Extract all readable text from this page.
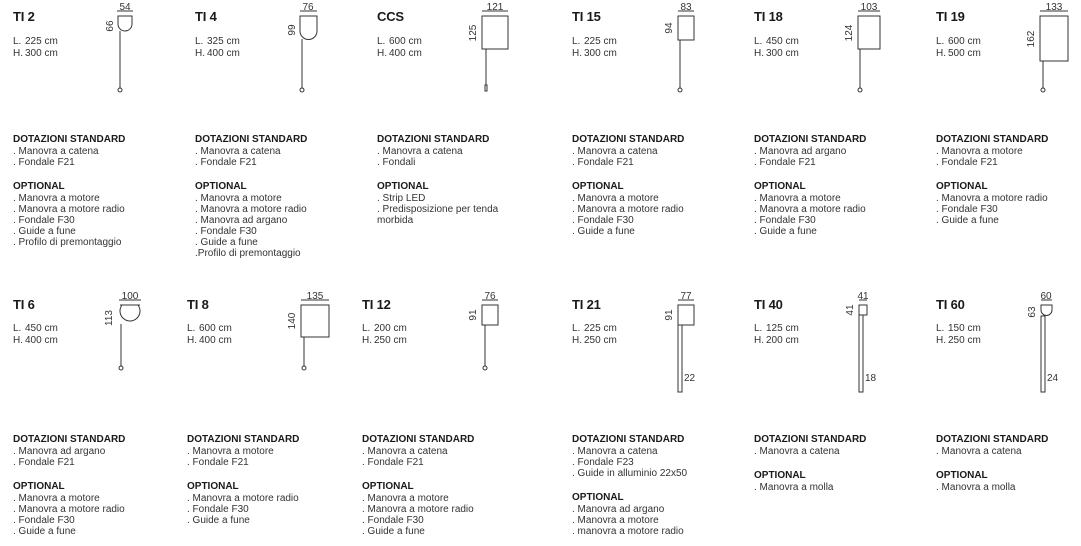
TI 2
L. 225 cm
H. 300 cm
54
66
DOTAZIONI STANDARD
. Manovra a catena
. Fondale F21
OPTIONAL
. Manovra a motore
. Manovra a motore radio
. Fondale F30
. Guide a fune
. Profilo di premontaggio
TI 4
L. 325 cm
H. 400 cm
76
99
DOTAZIONI STANDARD
. Manovra a catena
. Fondale F21
OPTIONAL
. Manovra a motore
. Manovra a motore radio
. Manovra ad argano
. Fondale F30
. Guide a fune
.Profilo di premontaggio
CCS
L. 600 cm
H. 400 cm
121
125
DOTAZIONI STANDARD
. Manovra a catena
. Fondali
OPTIONAL
. Strip LED
. Predisposizione per tenda
morbida
TI 15
L. 225 cm
H. 300 cm
83
94
DOTAZIONI STANDARD
. Manovra a catena
. Fondale F21
OPTIONAL
. Manovra a motore
. Manovra a motore radio
. Fondale F30
. Guide a fune
TI 18
L. 450 cm
H. 300 cm
103
124
DOTAZIONI STANDARD
. Manovra ad argano
. Fondale F21
OPTIONAL
. Manovra a motore
. Manovra a motore radio
. Fondale F30
. Guide a fune
TI 19
L. 600 cm
H. 500 cm
133
162
DOTAZIONI STANDARD
. Manovra a motore
. Fondale F21
OPTIONAL
. Manovra a motore radio
. Fondale F30
. Guide a fune
TI 6
L. 450 cm
H. 400 cm
100
113
DOTAZIONI STANDARD
. Manovra ad argano
. Fondale F21
OPTIONAL
. Manovra a motore
. Manovra a motore radio
. Fondale F30
. Guide a fune
TI 8
L. 600 cm
H. 400 cm
135
140
DOTAZIONI STANDARD
. Manovra a motore
. Fondale F21
OPTIONAL
. Manovra a motore radio
. Fondale F30
. Guide a fune
TI 12
L. 200 cm
H. 250 cm
76
91
DOTAZIONI STANDARD
. Manovra a catena
. Fondale F21
OPTIONAL
. Manovra a motore
. Manovra a motore radio
. Fondale F30
. Guide a fune
TI 21
L. 225 cm
H. 250 cm
77
91
22
DOTAZIONI STANDARD
. Manovra a catena
. Fondale F23
. Guide in alluminio 22x50
OPTIONAL
. Manovra ad argano
. Manovra a motore
. manovra a motore radio
TI 40
L. 125 cm
H. 200 cm
41
41
18
DOTAZIONI STANDARD
. Manovra a catena
OPTIONAL
. Manovra a molla
TI 60
L. 150 cm
H. 250 cm
60
63
24
DOTAZIONI STANDARD
. Manovra a catena
OPTIONAL
. Manovra a molla
